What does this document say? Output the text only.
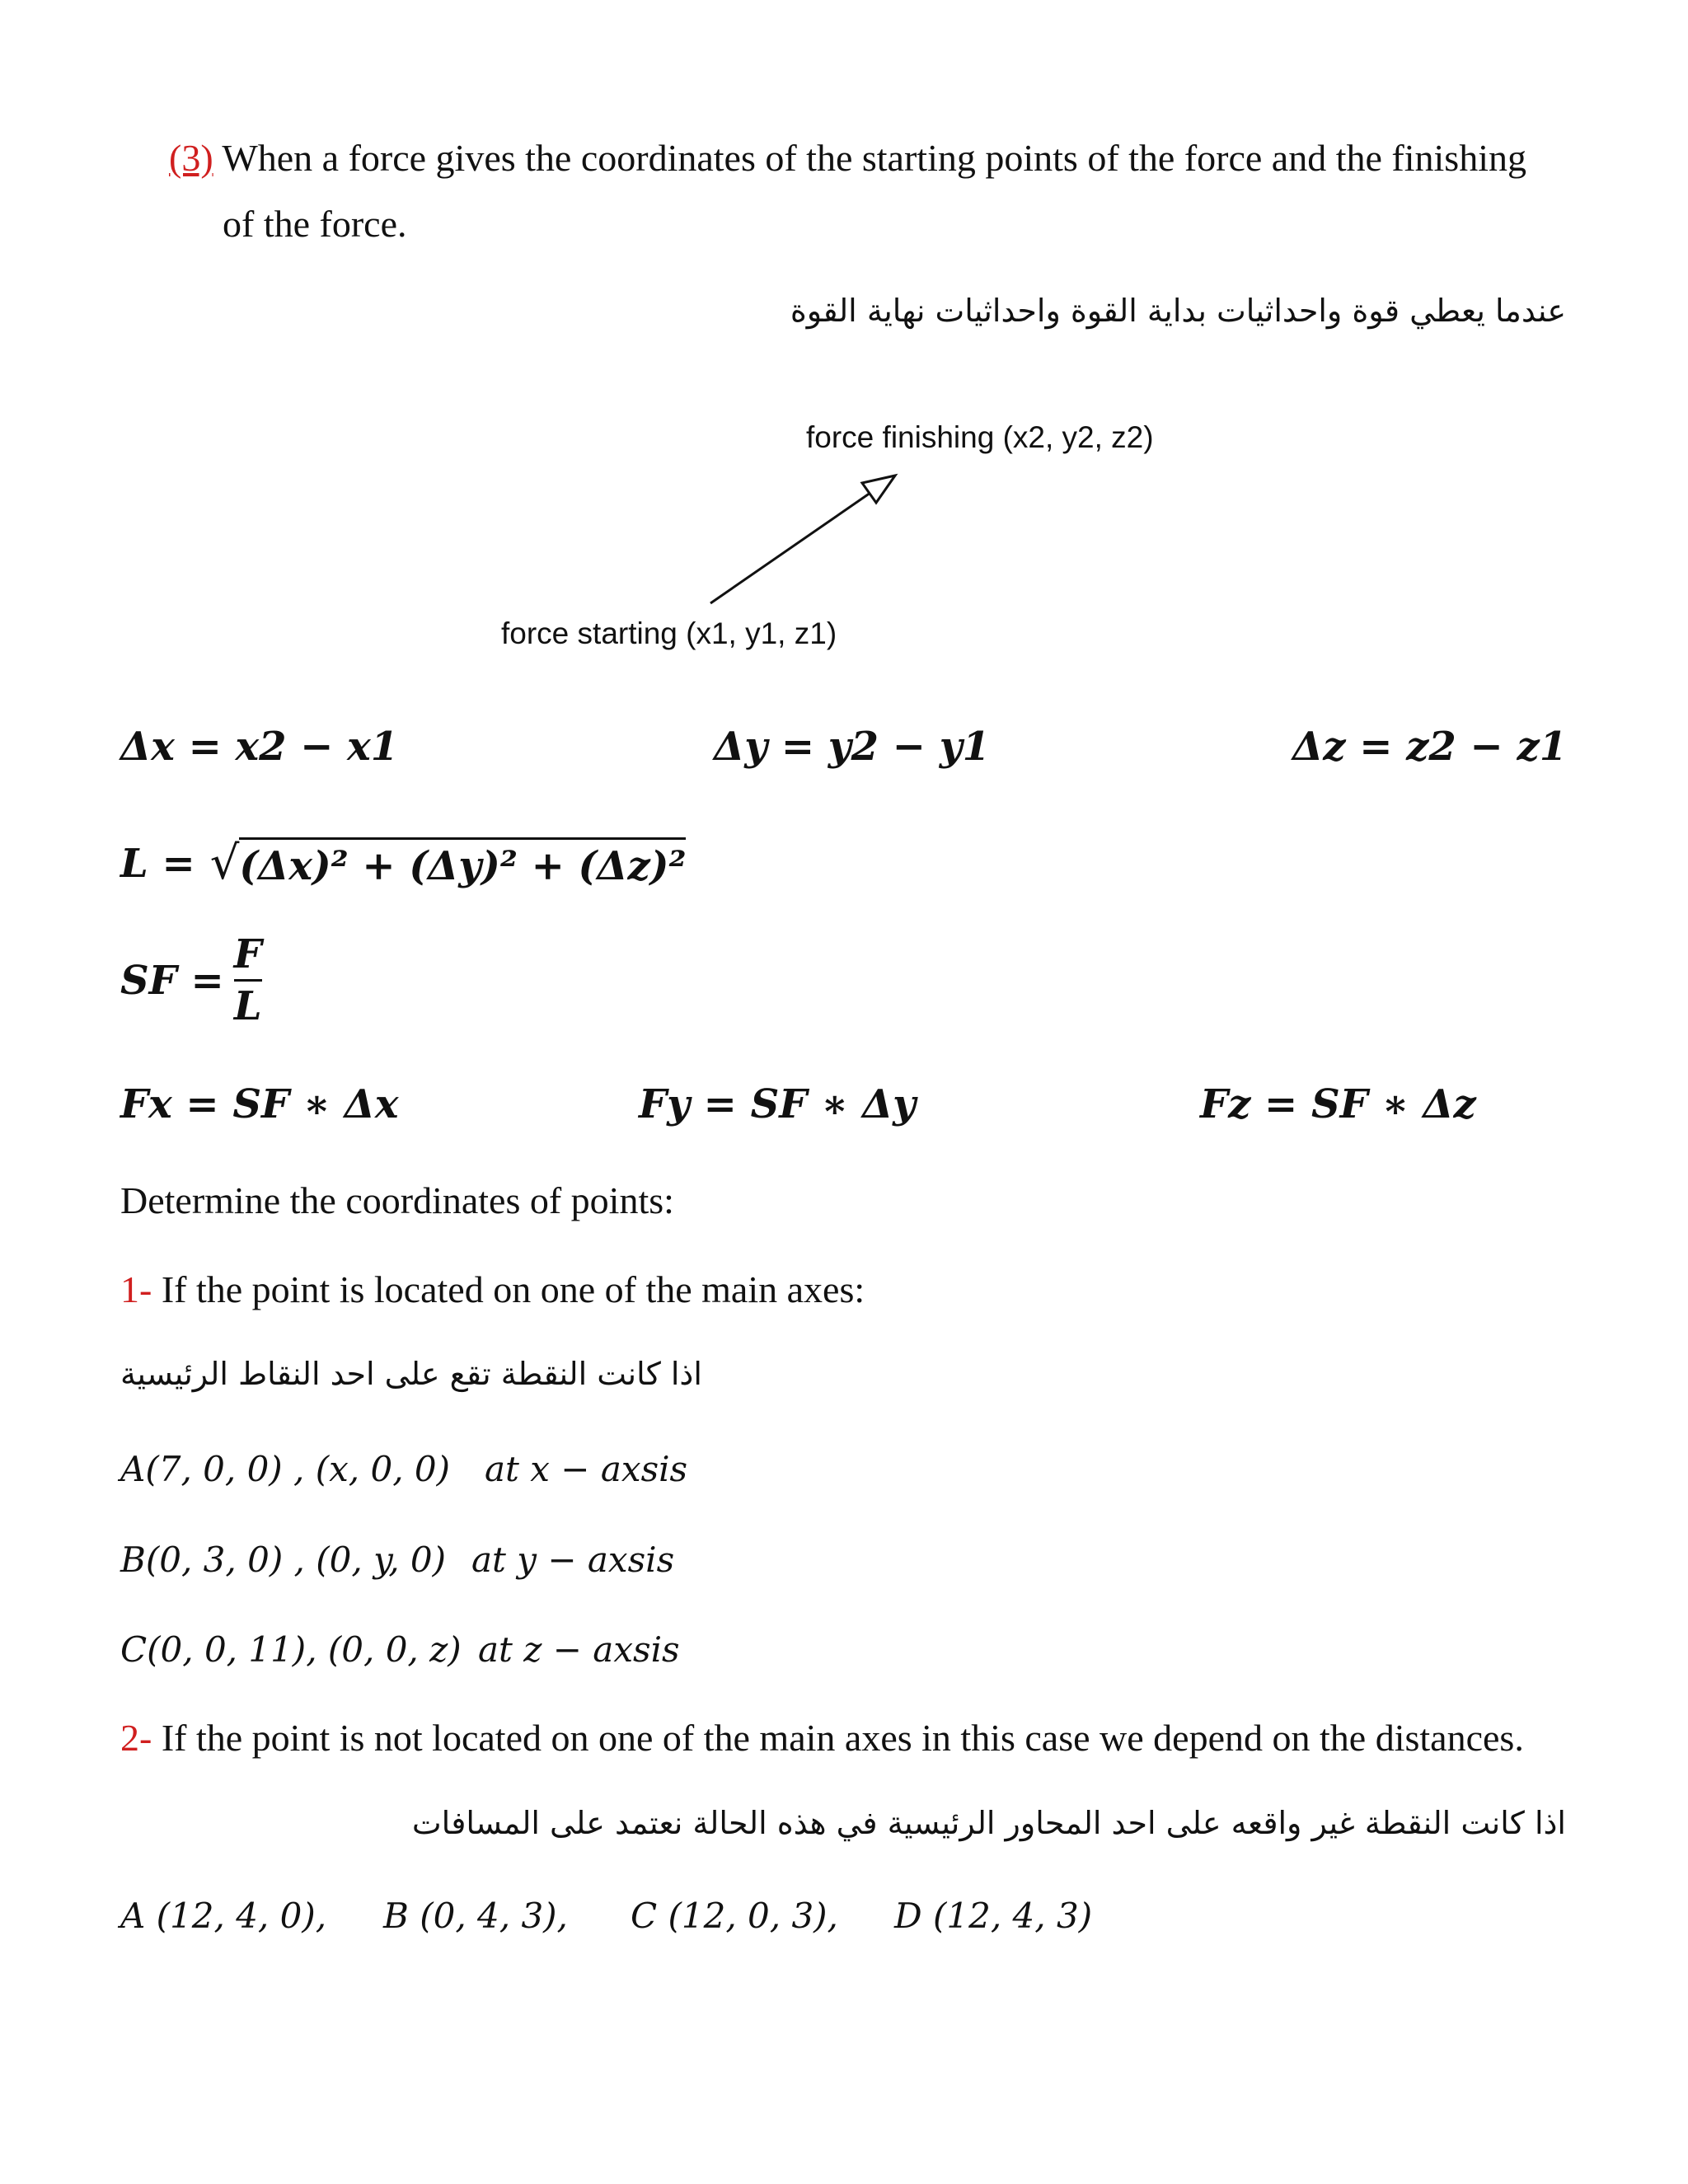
(3) When a force gives the coordinates of the starting points of the force and the finishing
of the force.
عندما يعطي قوة واحداثيات بداية القوة واحداثيات نهاية القوة
force finishing (x2, y2, z2)
force starting (x1, y1, z1)
Δx = x2 − x1	Δy = y2 − y1	Δz = z2 − z1
L = √ (Δx)² + (Δy)² + (Δz)²
SF = $\frac{F}{L}$
Fx = SF ∗ Δx	Fy = SF ∗ Δy	Fz = SF ∗ Δz
Determine the coordinates of points:
1- If the point is located on one of the main axes:
اذا كانت النقطة تقع على احد النقاط الرئيسية
A(7, 0, 0) , (x, 0, 0) at x − axsis
B(0, 3, 0) , (0, y, 0) at y − axsis
C(0, 0, 11), (0, 0, z) at z − axsis
2- If the point is not located on one of the main axes in this case we depend on the distances.
اذا كانت النقطة غير واقعه على احد المحاور الرئيسية في هذه الحالة نعتمد على المسافات
A (12, 4, 0), B (0, 4, 3), C (12, 0, 3), D (12, 4, 3)
